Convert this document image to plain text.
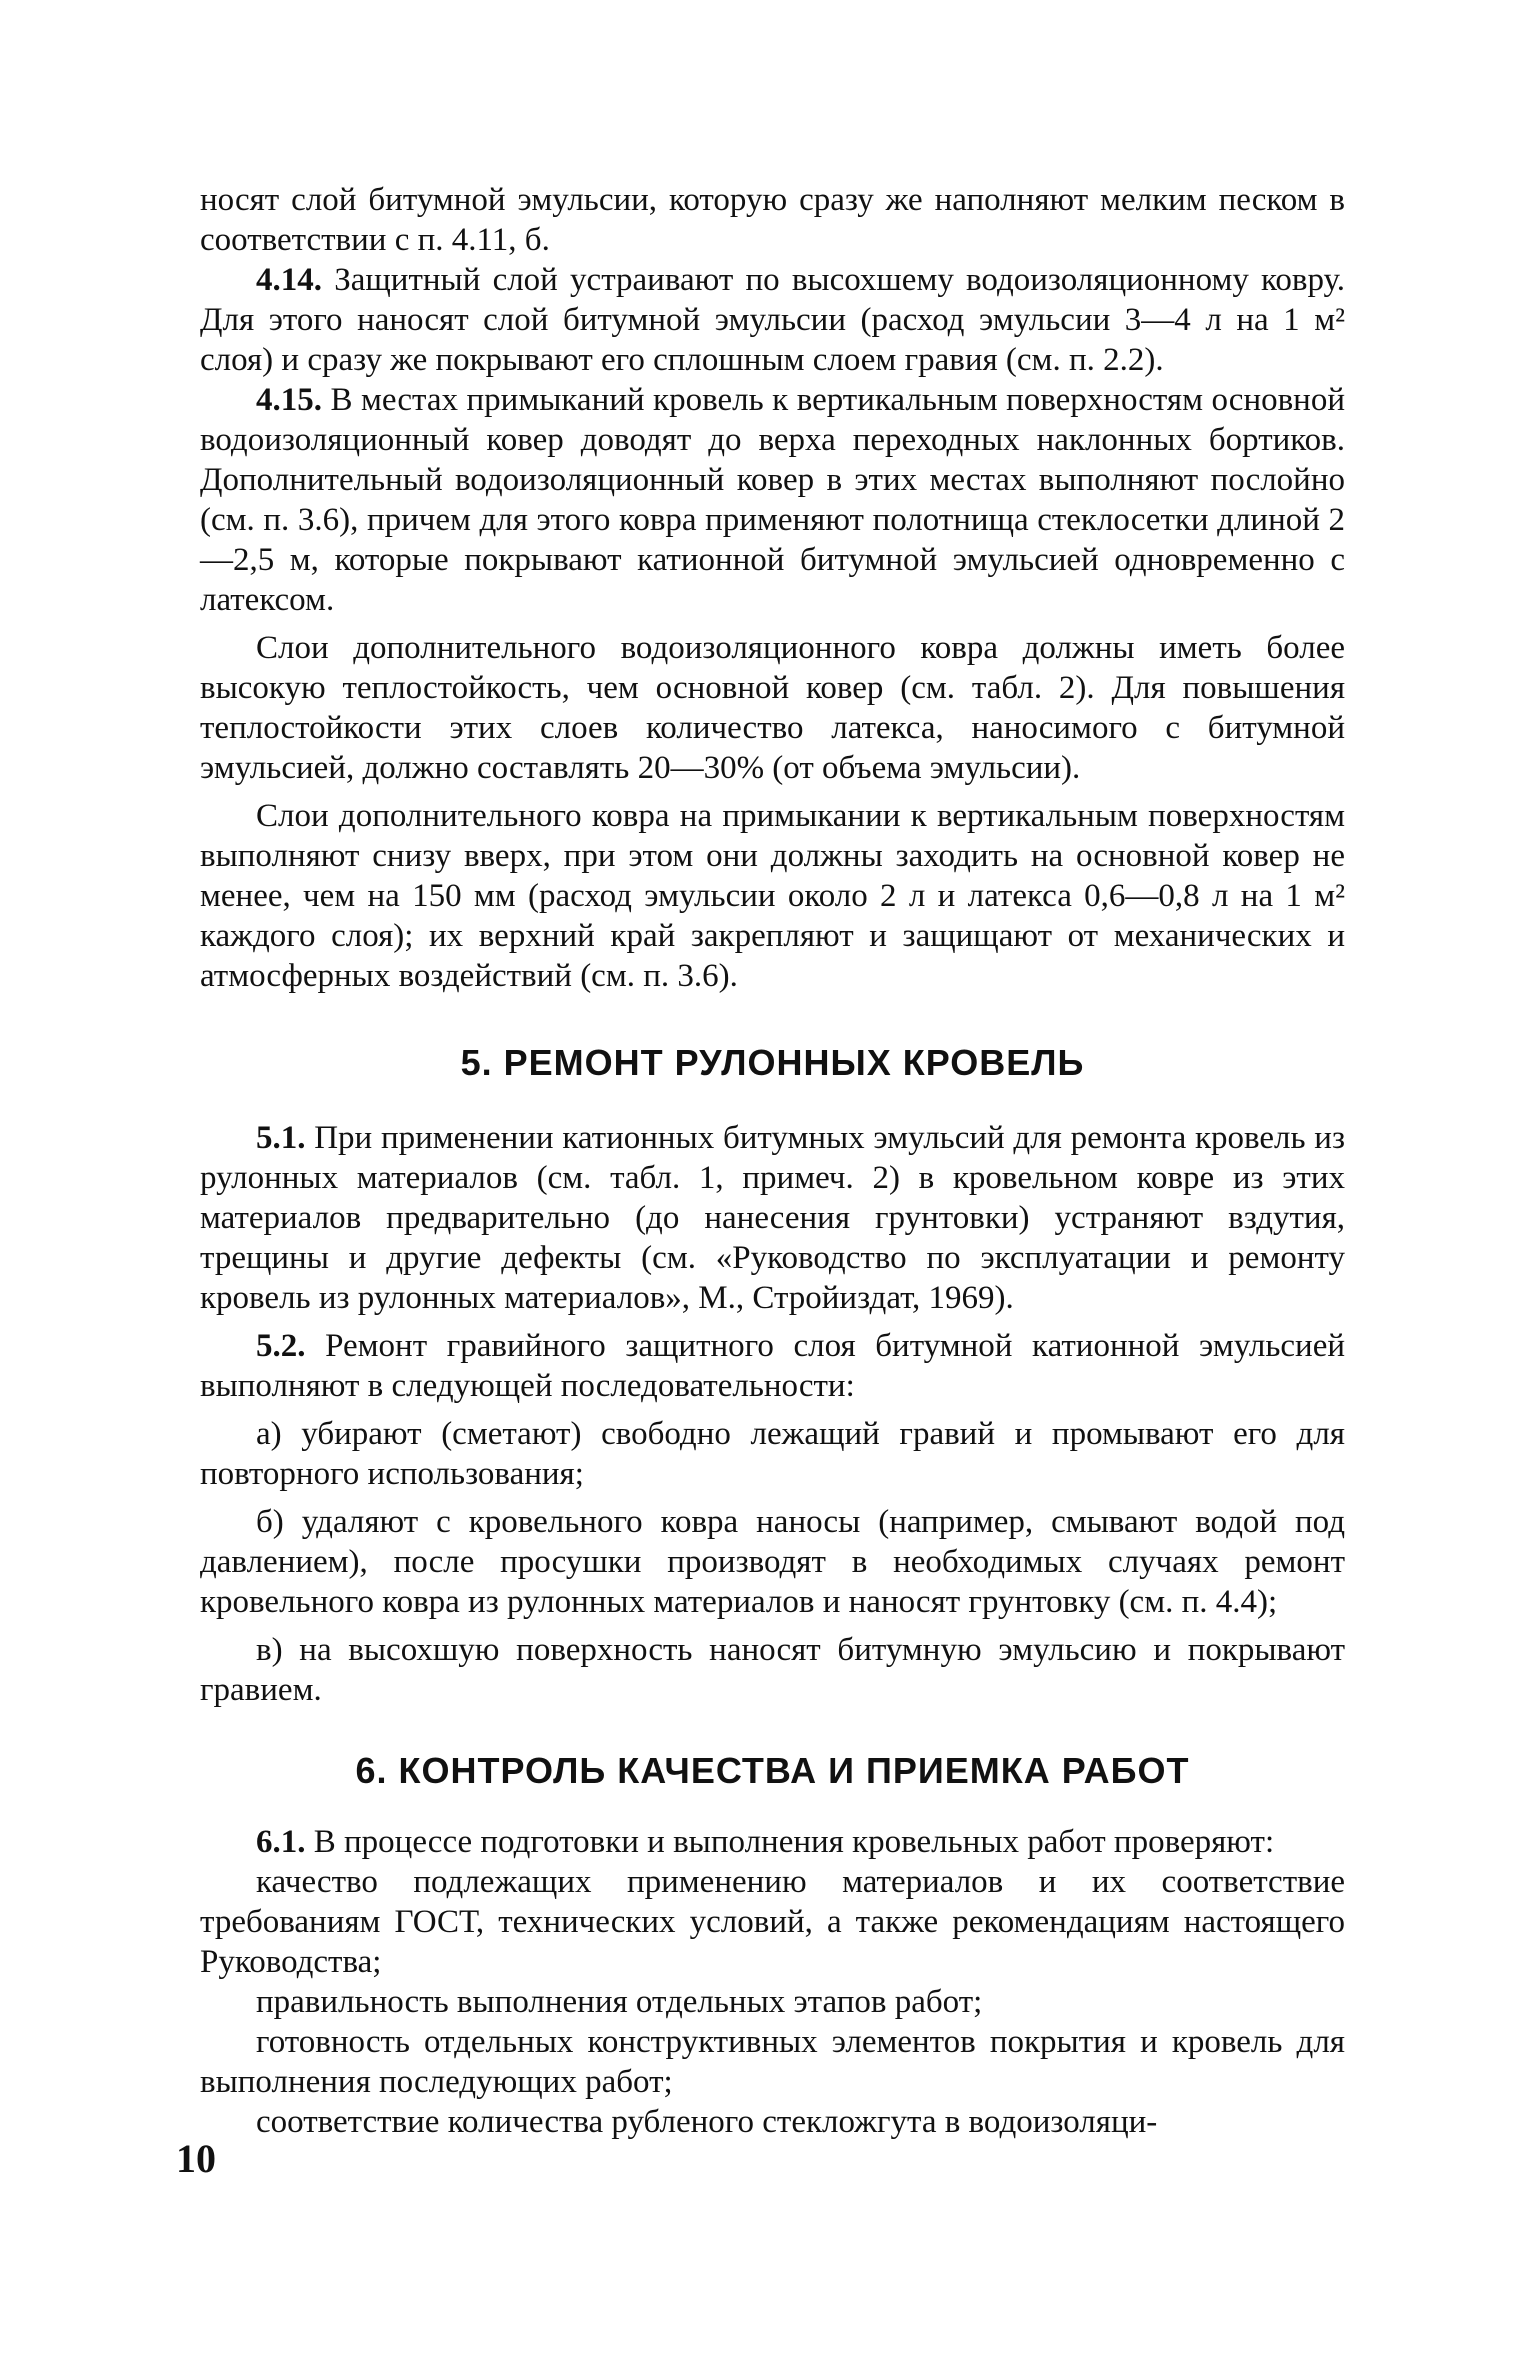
носят слой битумной эмульсии, которую сразу же наполняют мелким песком в соответствии с п. 4.11, б.

4.14. Защитный слой устраивают по высохшему водоизоляционному ковру. Для этого наносят слой битумной эмульсии (расход эмульсии 3—4 л на 1 м² слоя) и сразу же покрывают его сплошным слоем гравия (см. п. 2.2).

4.15. В местах примыканий кровель к вертикальным поверхностям основной водоизоляционный ковер доводят до верха переходных наклонных бортиков. Дополнительный водоизоляционный ковер в этих местах выполняют послойно (см. п. 3.6), причем для этого ковра применяют полотнища стеклосетки длиной 2—2,5 м, которые покрывают катионной битумной эмульсией одновременно с латексом.

Слои дополнительного водоизоляционного ковра должны иметь более высокую теплостойкость, чем основной ковер (см. табл. 2). Для повышения теплостойкости этих слоев количество латекса, наносимого с битумной эмульсией, должно составлять 20—30% (от объема эмульсии).

Слои дополнительного ковра на примыкании к вертикальным поверхностям выполняют снизу вверх, при этом они должны заходить на основной ковер не менее, чем на 150 мм (расход эмульсии около 2 л и латекса 0,6—0,8 л на 1 м² каждого слоя); их верхний край закрепляют и защищают от механических и атмосферных воздействий (см. п. 3.6).

5. РЕМОНТ РУЛОННЫХ КРОВЕЛЬ

5.1. При применении катионных битумных эмульсий для ремонта кровель из рулонных материалов (см. табл. 1, примеч. 2) в кровельном ковре из этих материалов предварительно (до нанесения грунтовки) устраняют вздутия, трещины и другие дефекты (см. «Руководство по эксплуатации и ремонту кровель из рулонных материалов», М., Стройиздат, 1969).

5.2. Ремонт гравийного защитного слоя битумной катионной эмульсией выполняют в следующей последовательности:

а) убирают (сметают) свободно лежащий гравий и промывают его для повторного использования;

б) удаляют с кровельного ковра наносы (например, смывают водой под давлением), после просушки производят в необходимых случаях ремонт кровельного ковра из рулонных материалов и наносят грунтовку (см. п. 4.4);

в) на высохшую поверхность наносят битумную эмульсию и покрывают гравием.

6. КОНТРОЛЬ КАЧЕСТВА И ПРИЕМКА РАБОТ

6.1. В процессе подготовки и выполнения кровельных работ проверяют:

качество подлежащих применению материалов и их соответствие требованиям ГОСТ, технических условий, а также рекомендациям настоящего Руководства;

правильность выполнения отдельных этапов работ;

готовность отдельных конструктивных элементов покрытия и кровель для выполнения последующих работ;

соответствие количества рубленого стекложгута в водоизоляци-

10
